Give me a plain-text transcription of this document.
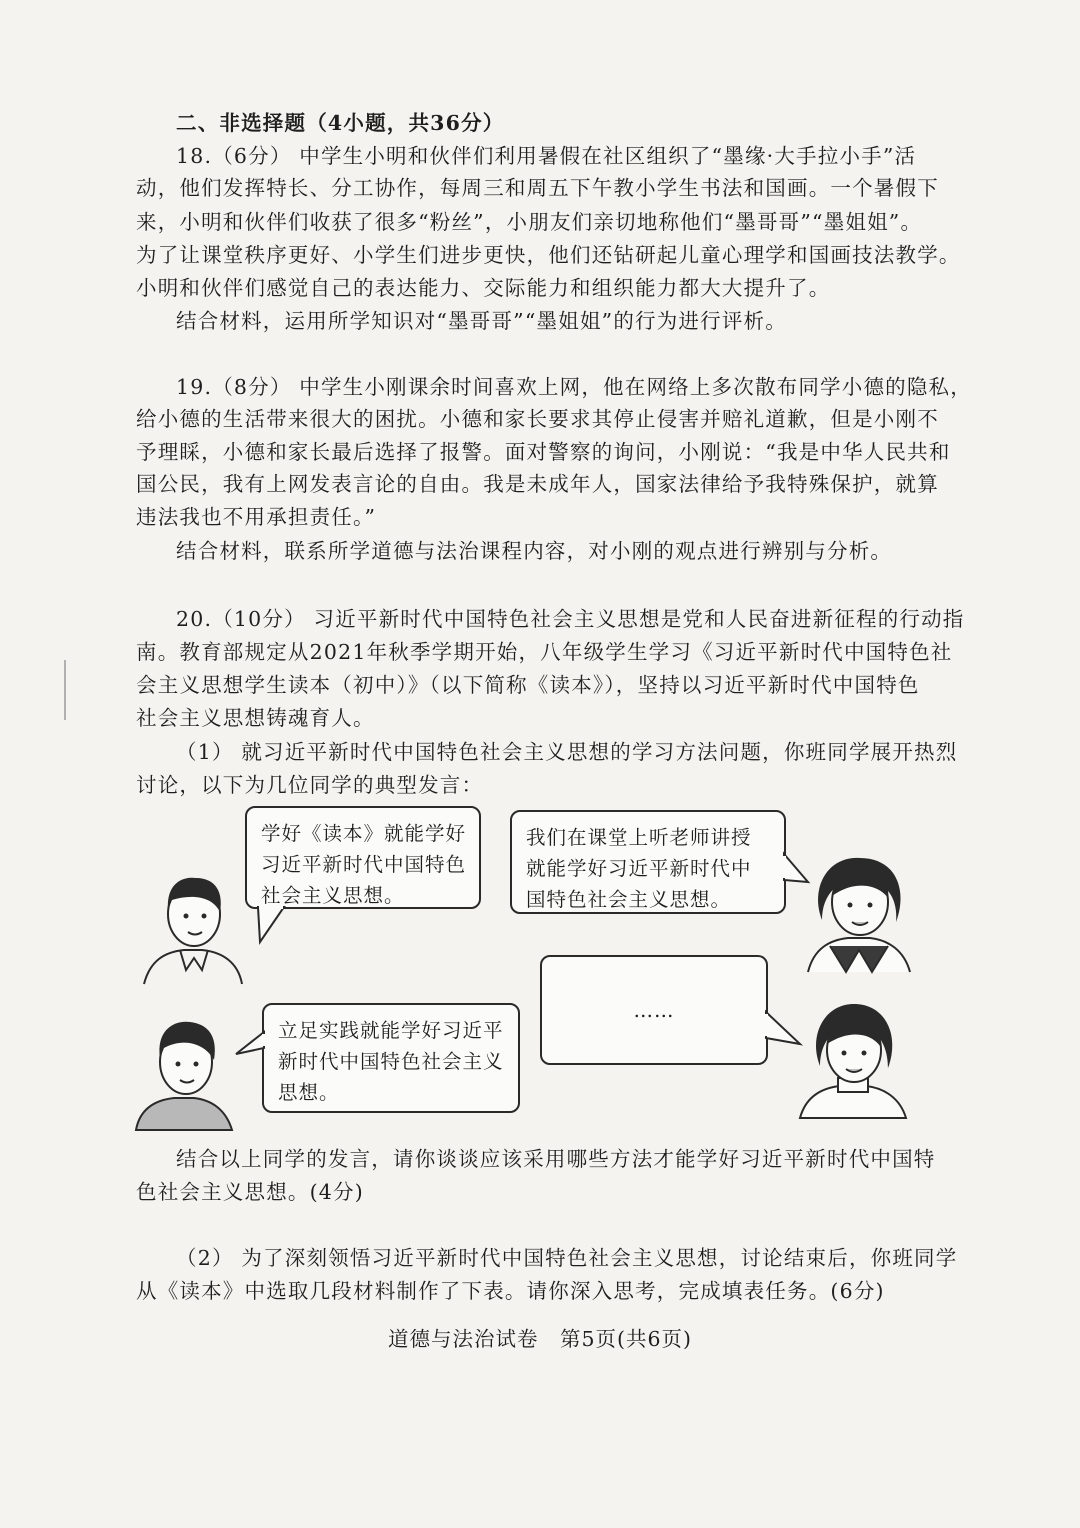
二、非选择题（4小题，共36分）
18.（6分） 中学生小明和伙伴们利用暑假在社区组织了“墨缘·大手拉小手”活
动，他们发挥特长、分工协作，每周三和周五下午教小学生书法和国画。一个暑假下
来，小明和伙伴们收获了很多“粉丝”，小朋友们亲切地称他们“墨哥哥”“墨姐姐”。
为了让课堂秩序更好、小学生们进步更快，他们还钻研起儿童心理学和国画技法教学。
小明和伙伴们感觉自己的表达能力、交际能力和组织能力都大大提升了。
结合材料，运用所学知识对“墨哥哥”“墨姐姐”的行为进行评析。
19.（8分） 中学生小刚课余时间喜欢上网，他在网络上多次散布同学小德的隐私，
给小德的生活带来很大的困扰。小德和家长要求其停止侵害并赔礼道歉，但是小刚不
予理睬，小德和家长最后选择了报警。面对警察的询问，小刚说：“我是中华人民共和
国公民，我有上网发表言论的自由。我是未成年人，国家法律给予我特殊保护，就算
违法我也不用承担责任。”
结合材料，联系所学道德与法治课程内容，对小刚的观点进行辨别与分析。
20.（10分） 习近平新时代中国特色社会主义思想是党和人民奋进新征程的行动指
南。教育部规定从2021年秋季学期开始，八年级学生学习《习近平新时代中国特色社
会主义思想学生读本（初中）》（以下简称《读本》），坚持以习近平新时代中国特色
社会主义思想铸魂育人。
（1） 就习近平新时代中国特色社会主义思想的学习方法问题，你班同学展开热烈
讨论，以下为几位同学的典型发言：
学好《读本》就能学好
习近平新时代中国特色
社会主义思想。
我们在课堂上听老师讲授
就能学好习近平新时代中
国特色社会主义思想。
立足实践就能学好习近平
新时代中国特色社会主义
思想。
……
结合以上同学的发言，请你谈谈应该采用哪些方法才能学好习近平新时代中国特
色社会主义思想。(4分)
（2） 为了深刻领悟习近平新时代中国特色社会主义思想，讨论结束后，你班同学
从《读本》中选取几段材料制作了下表。请你深入思考，完成填表任务。(6分)
道德与法治试卷　第5页(共6页)
